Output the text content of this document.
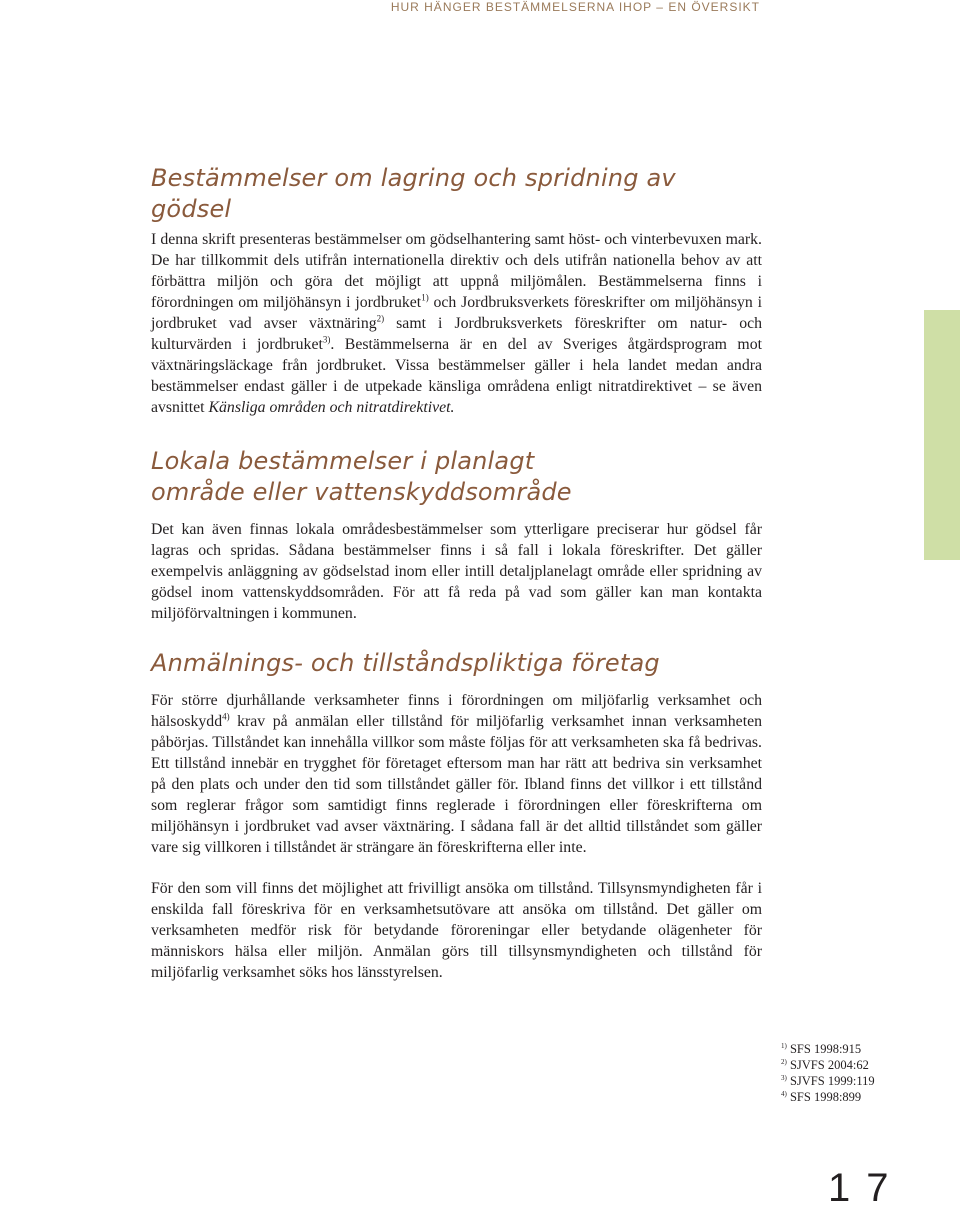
HUR HÄNGER BESTÄMMELSERNA IHOP – EN ÖVERSIKT
Bestämmelser om lagring och spridning av gödsel

I denna skrift presenteras bestämmelser om gödselhantering samt höst- och vinterbevuxen mark. De har tillkommit dels utifrån internationella direktiv och dels utifrån nationella behov av att förbättra miljön och göra det möjligt att uppnå miljömålen. Bestämmelserna finns i förordningen om miljöhänsyn i jordbruket$^{1)}$ och Jordbruksverkets föreskrifter om miljöhänsyn i jordbruket vad avser växtnäring$^{2)}$ samt i Jordbruksverkets föreskrifter om natur- och kulturvärden i jordbruket$^{3)}$. Bestämmelserna är en del av Sveriges åtgärdsprogram mot växtnäringsläckage från jordbruket. Vissa bestämmelser gäller i hela landet medan andra bestämmelser endast gäller i de utpekade känsliga områdena enligt nitratdirektivet – se även avsnittet Känsliga områden och nitratdirektivet.

Lokala bestämmelser i planlagt
område eller vattenskyddsområde

Det kan även finnas lokala områdesbestämmelser som ytterligare preciserar hur gödsel får lagras och spridas. Sådana bestämmelser finns i så fall i lokala föreskrifter. Det gäller exempelvis anläggning av gödselstad inom eller intill detaljplanelagt område eller spridning av gödsel inom vattenskyddsområden. För att få reda på vad som gäller kan man kontakta miljöförvaltningen i kommunen.

Anmälnings- och tillståndspliktiga företag

För större djurhållande verksamheter finns i förordningen om miljöfarlig verksamhet och hälsoskydd$^{4)}$ krav på anmälan eller tillstånd för miljöfarlig verksamhet innan verksamheten påbörjas. Tillståndet kan innehålla villkor som måste följas för att verksamheten ska få bedrivas. Ett tillstånd innebär en trygghet för företaget eftersom man har rätt att bedriva sin verksamhet på den plats och under den tid som tillståndet gäller för. Ibland finns det villkor i ett tillstånd som reglerar frågor som samtidigt finns reglerade i förordningen eller föreskrifterna om miljöhänsyn i jordbruket vad avser växtnäring. I sådana fall är det alltid tillståndet som gäller vare sig villkoren i tillståndet är strängare än föreskrifterna eller inte.

För den som vill finns det möjlighet att frivilligt ansöka om tillstånd. Tillsynsmyndigheten får i enskilda fall föreskriva för en verksamhetsutövare att ansöka om tillstånd. Det gäller om verksamheten medför risk för betydande föroreningar eller betydande olägenheter för människors hälsa eller miljön. Anmälan görs till tillsynsmyndigheten och tillstånd för miljöfarlig verksamhet söks hos länsstyrelsen.

$^{1)}$ SFS 1998:915
$^{2)}$ SJVFS 2004:62
$^{3)}$ SJVFS 1999:119
$^{4)}$ SFS 1998:899
17
